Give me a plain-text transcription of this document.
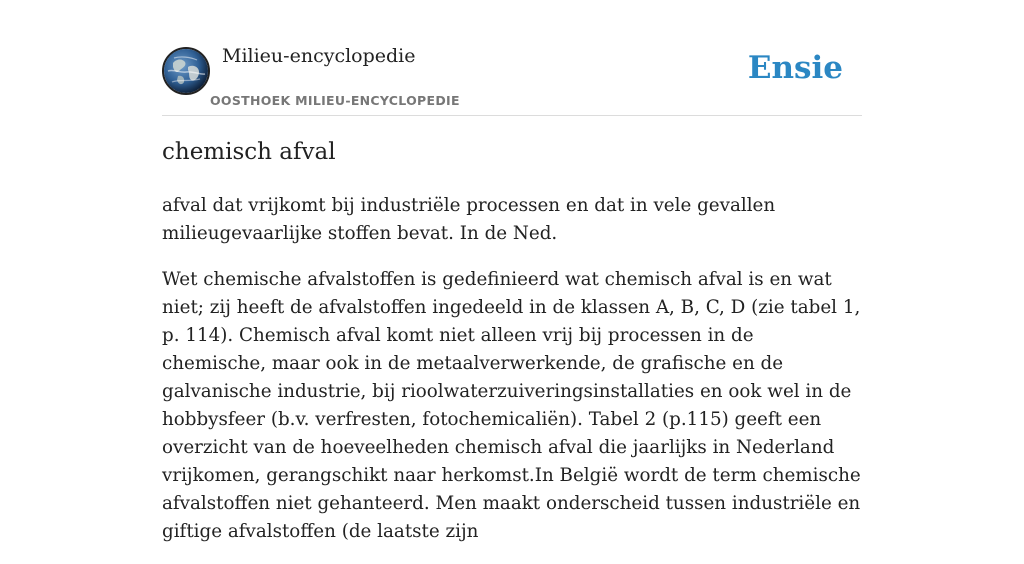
Milieu-encyclopedie
OOSTHOEK MILIEU-ENCYCLOPEDIE
Ensie
chemisch afval

afval dat vrijkomt bij industriële processen en dat in vele gevallen milieugevaarlijke stoffen bevat. In de Ned.

Wet chemische afvalstoffen is gedefinieerd wat chemisch afval is en wat niet; zij heeft de afvalstoffen ingedeeld in de klassen A, B, C, D (zie tabel 1, p. 114). Chemisch afval komt niet alleen vrij bij processen in de chemische, maar ook in de metaalverwerkende, de grafische en de galvanische industrie, bij rioolwaterzuiveringsinstallaties en ook wel in de hobbysfeer (b.v. verfresten, fotochemicaliën). Tabel 2 (p.115) geeft een overzicht van de hoeveelheden chemisch afval die jaarlijks in Nederland vrijkomen, gerangschikt naar herkomst.In België wordt de term chemische afvalstoffen niet gehanteerd. Men maakt onderscheid tussen industriële en giftige afvalstoffen (de laatste zijn
